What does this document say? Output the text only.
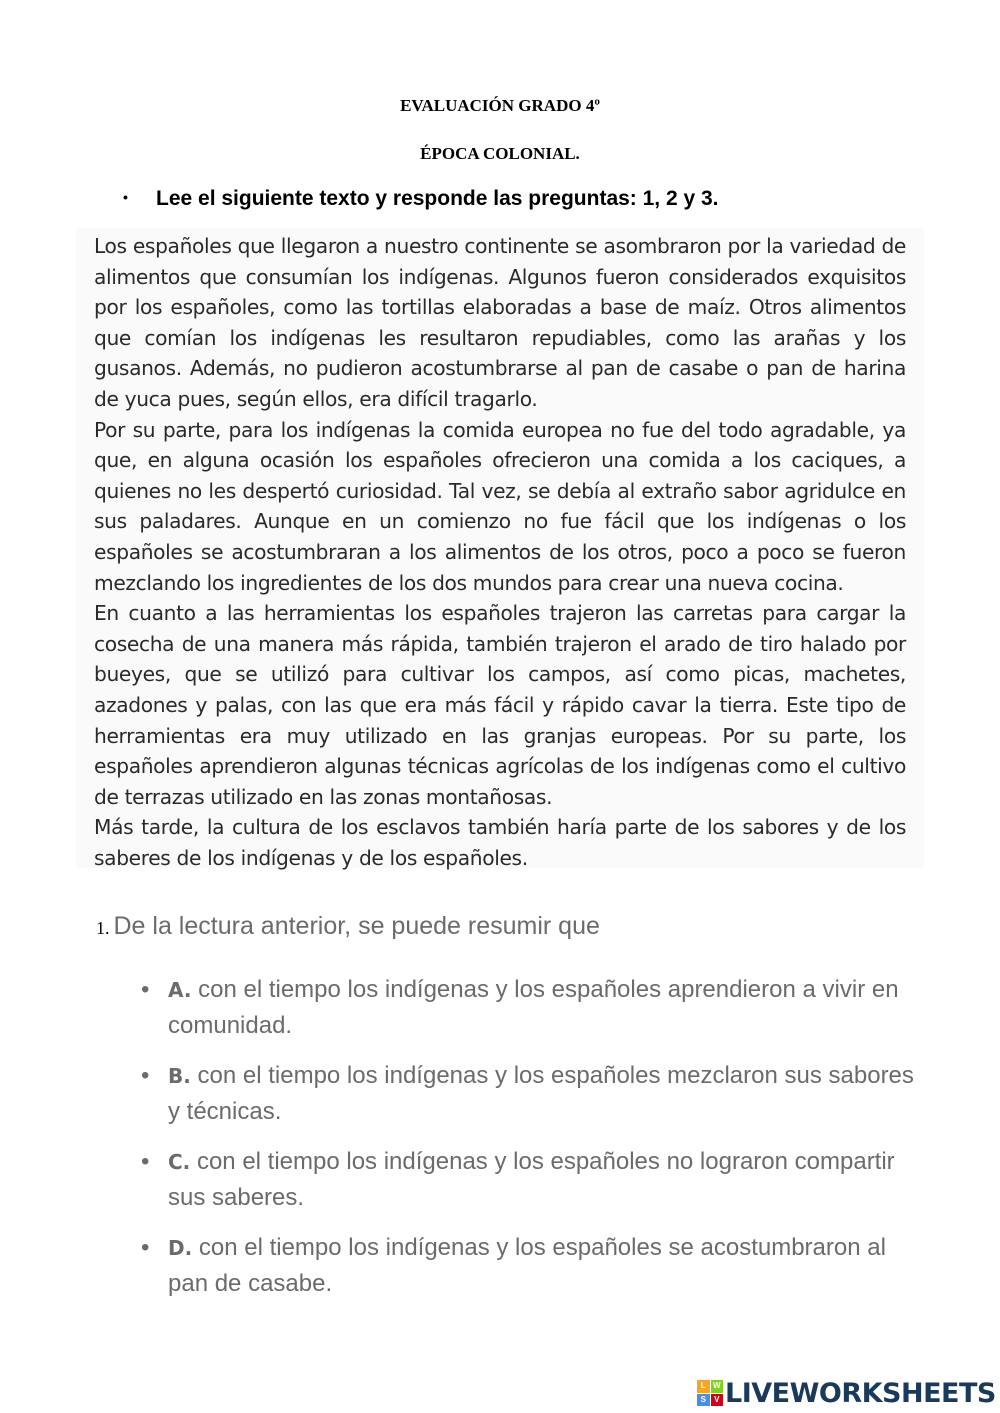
EVALUACIÓN GRADO 4º
ÉPOCA COLONIAL.
• Lee el siguiente texto y responde las preguntas: 1, 2 y 3.

Los españoles que llegaron a nuestro continente se asombraron por la variedad de alimentos que consumían los indígenas. Algunos fueron considerados exquisitos por los españoles, como las tortillas elaboradas a base de maíz. Otros alimentos que comían los indígenas les resultaron repudiables, como las arañas y los gusanos. Además, no pudieron acostumbrarse al pan de casabe o pan de harina de yuca pues, según ellos, era difícil tragarlo.

Por su parte, para los indígenas la comida europea no fue del todo agradable, ya que, en alguna ocasión los españoles ofrecieron una comida a los caciques, a quienes no les despertó curiosidad. Tal vez, se debía al extraño sabor agridulce en sus paladares. Aunque en un comienzo no fue fácil que los indígenas o los españoles se acostumbraran a los alimentos de los otros, poco a poco se fueron mezclando los ingredientes de los dos mundos para crear una nueva cocina.

En cuanto a las herramientas los españoles trajeron las carretas para cargar la cosecha de una manera más rápida, también trajeron el arado de tiro halado por bueyes, que se utilizó para cultivar los campos, así como picas, machetes, azadones y palas, con las que era más fácil y rápido cavar la tierra. Este tipo de herramientas era muy utilizado en las granjas europeas. Por su parte, los españoles aprendieron algunas técnicas agrícolas de los indígenas como el cultivo de terrazas utilizado en las zonas montañosas.

Más tarde, la cultura de los esclavos también haría parte de los sabores y de los saberes de los indígenas y de los españoles.

1. De la lectura anterior, se puede resumir que
• A. con el tiempo los indígenas y los españoles aprendieron a vivir en comunidad.
• B. con el tiempo los indígenas y los españoles mezclaron sus sabores y técnicas.
• C. con el tiempo los indígenas y los españoles no lograron compartir sus saberes.
• D. con el tiempo los indígenas y los españoles se acostumbraron al pan de casabe.
L W
S	V LIVEWORKSHEETS
